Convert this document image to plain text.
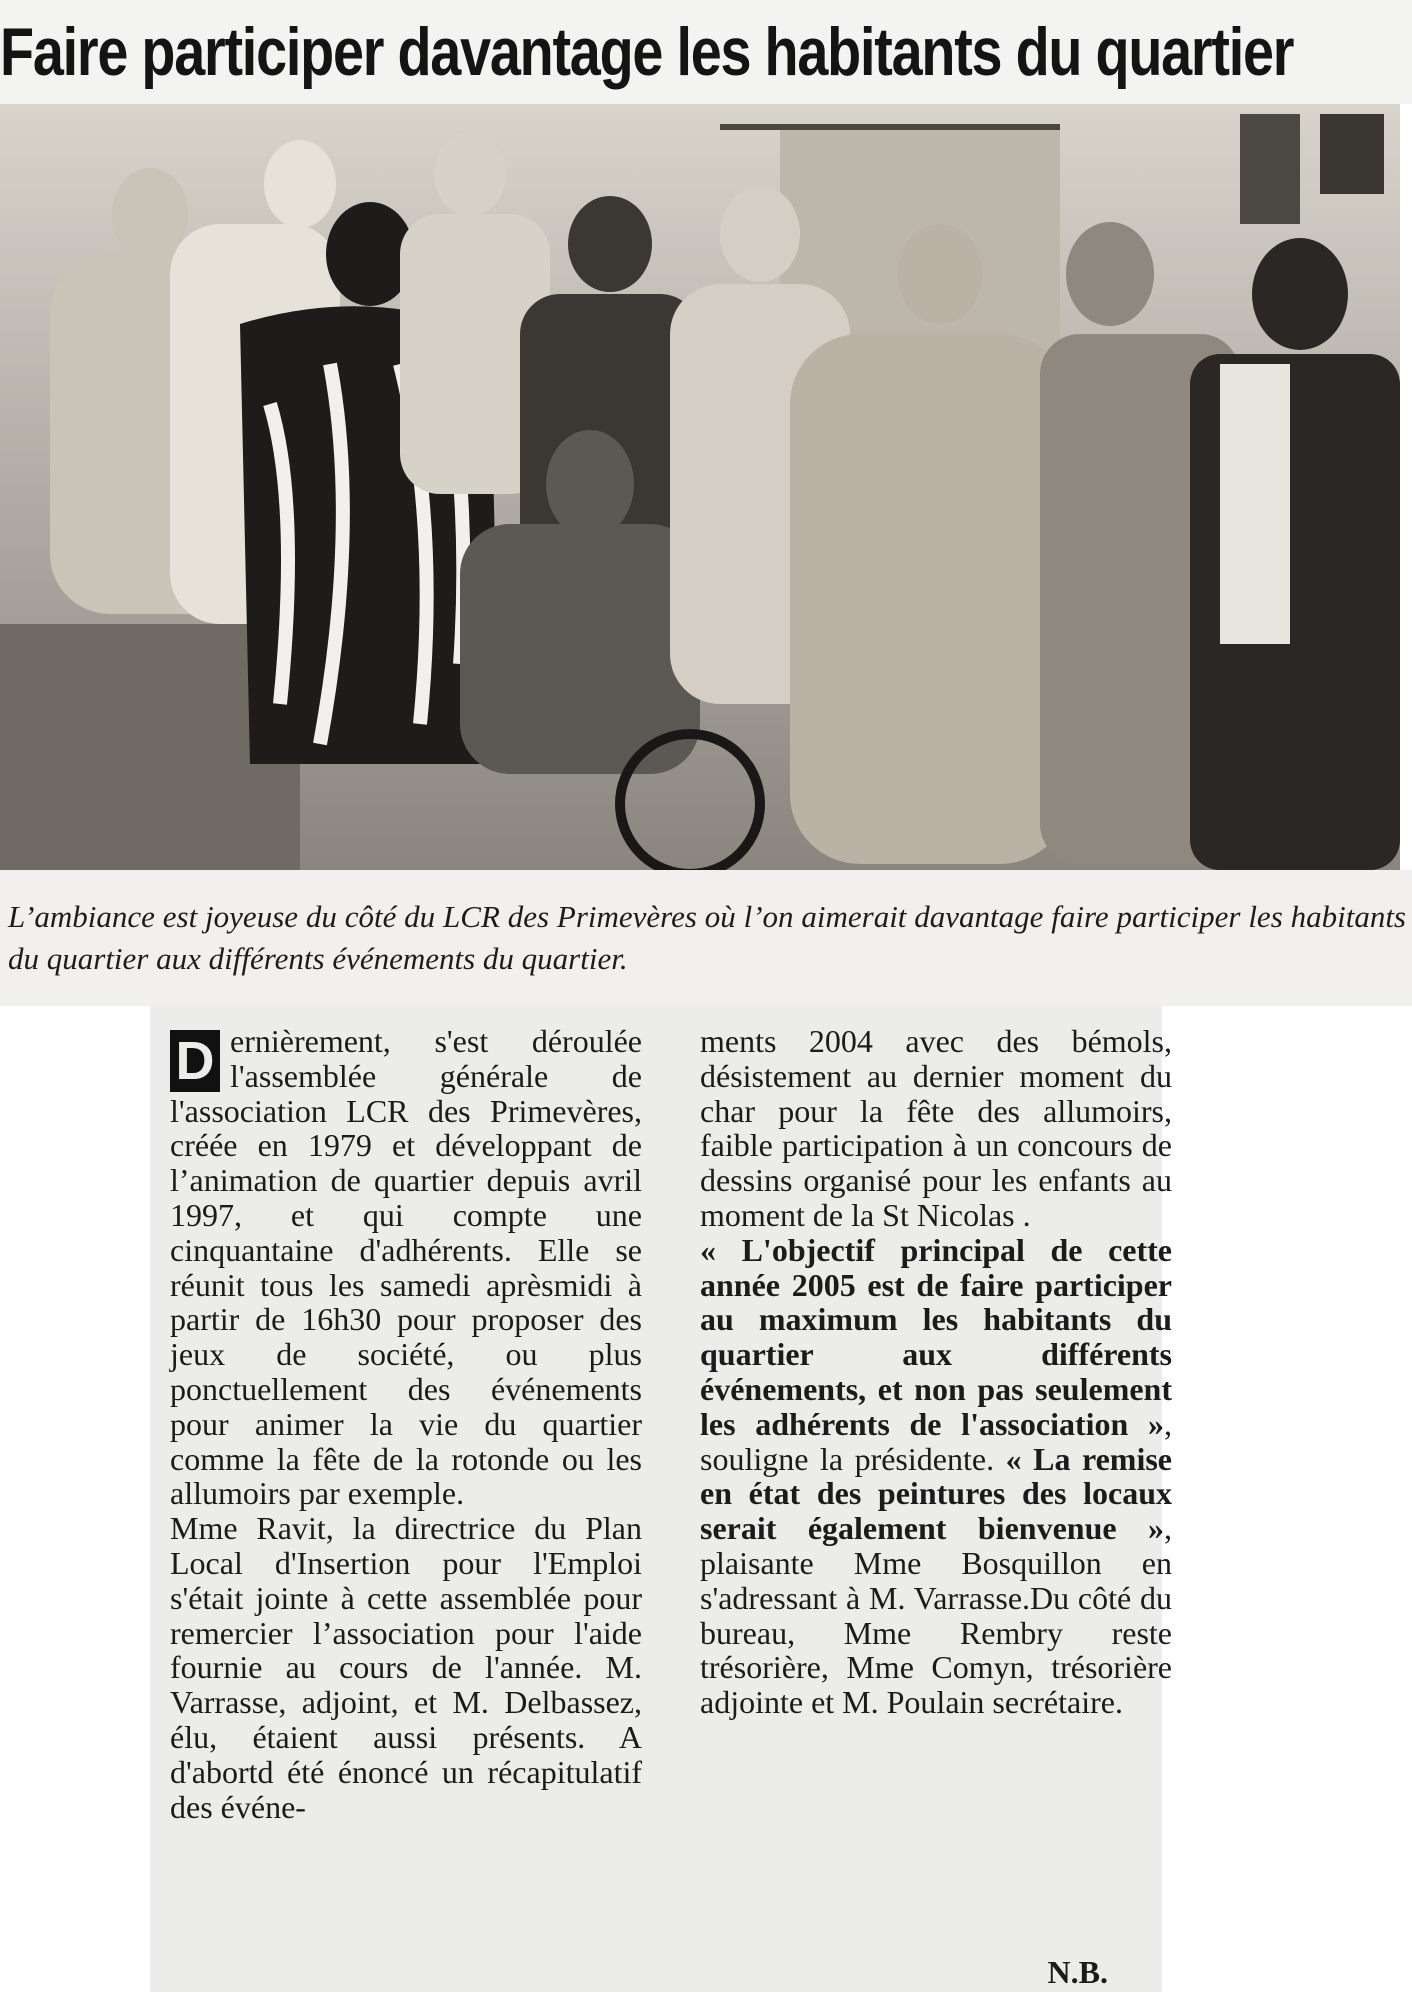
Faire participer davantage les habitants du quartier

L’ambiance est joyeuse du côté du LCR des Primevères où l’on aimerait davantage faire participer les habitants du quartier aux différents événements du quartier.

D ernièrement, s'est déroulée l'assemblée générale de l'association LCR des Primevères, créée en 1979 et développant de l’animation de quartier depuis avril 1997, et qui compte une cinquantaine d'adhérents. Elle se réunit tous les samedi aprèsmidi à partir de 16h30 pour proposer des jeux de société, ou plus ponctuellement des événements pour animer la vie du quartier comme la fête de la rotonde ou les allumoirs par exemple.

Mme Ravit, la directrice du Plan Local d'Insertion pour l'Emploi s'était jointe à cette assemblée pour remercier l’association pour l'aide fournie au cours de l'année. M. Varrasse, adjoint, et M. Delbassez, élu, étaient aussi présents. A d'abortd été énoncé un récapitulatif des événe-

ments 2004 avec des bémols, désistement au dernier moment du char pour la fête des allumoirs, faible participation à un concours de dessins organisé pour les enfants au moment de la St Nicolas .

« L'objectif principal de cette année 2005 est de faire participer au maximum les habitants du quartier aux différents événements, et non pas seulement les adhérents de l'association », souligne la présidente. « La remise en état des peintures des locaux serait également bienvenue », plaisante Mme Bosquillon en s'adressant à M. Varrasse.Du côté du bureau, Mme Rembry reste trésorière, Mme Comyn, trésorière adjointe et M. Poulain secrétaire.

N.B.
